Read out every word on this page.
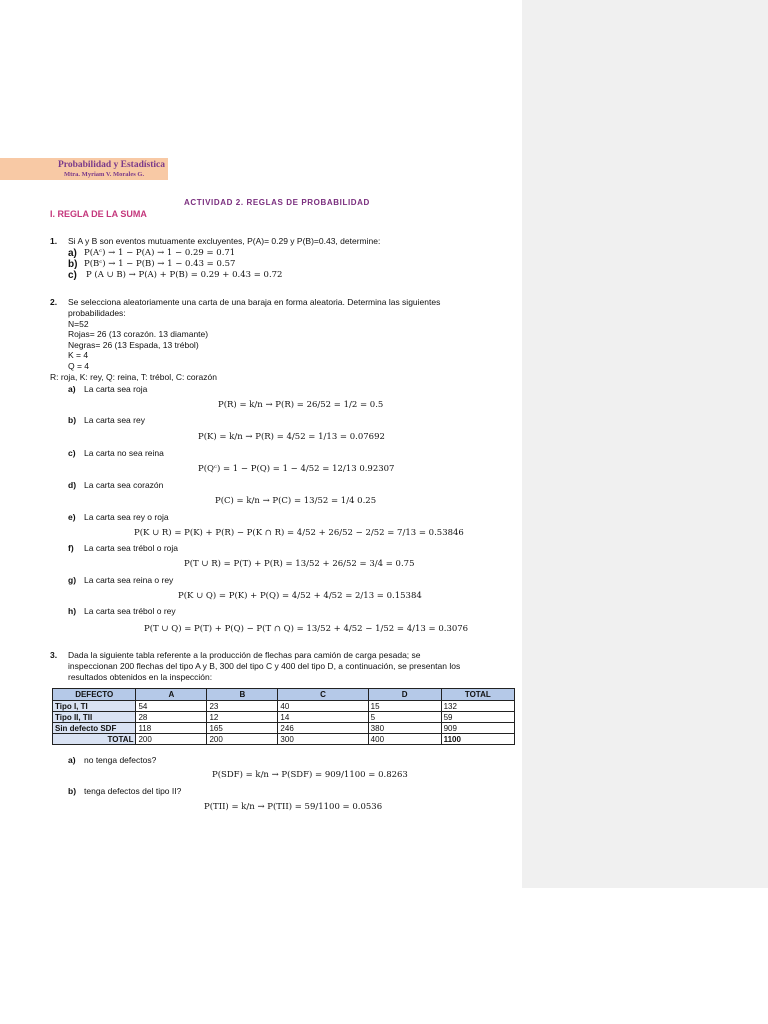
Probabilidad y Estadística
Mtra. Myriam V. Morales G.
ACTIVIDAD 2. REGLAS DE PROBABILIDAD
I. REGLA DE LA SUMA
1. Si A y B son eventos mutuamente excluyentes, P(A)= 0.29 y P(B)=0.43, determine:
a) P(Aᶜ) → 1 − P(A) → 1 − 0.29 = 0.71
b) P(Bᶜ) → 1 − P(B) → 1 − 0.43 = 0.57
c) P (A ∪ B) → P(A) + P(B) = 0.29 + 0.43 = 0.72
2. Se selecciona aleatoriamente una carta de una baraja en forma aleatoria. Determina las siguientes
probabilidades:
N=52
Rojas= 26 (13 corazón. 13 diamante)
Negras= 26 (13 Espada, 13 trébol)
K = 4
Q = 4
R: roja, K: rey, Q: reina, T: trébol, C: corazón
a) La carta sea roja
P(R) = k/n → P(R) = 26/52 = 1/2 = 0.5
b) La carta sea rey
P(K) = k/n → P(R) = 4/52 = 1/13 = 0.07692
c) La carta no sea reina
P(Qᶜ) = 1 − P(Q) = 1 − 4/52 = 12/13 0.92307
d) La carta sea corazón
P(C) = k/n → P(C) = 13/52 = 1/4 0.25
e) La carta sea rey o roja
P(K ∪ R) = P(K) + P(R) − P(K ∩ R) = 4/52 + 26/52 − 2/52 = 7/13 = 0.53846
f) La carta sea trébol o roja
P(T ∪ R) = P(T) + P(R) = 13/52 + 26/52 = 3/4 = 0.75
g) La carta sea reina o rey
P(K ∪ Q) = P(K) + P(Q) = 4/52 + 4/52 = 2/13 = 0.15384
h) La carta sea trébol o rey
P(T ∪ Q) = P(T) + P(Q) − P(T ∩ Q) = 13/52 + 4/52 − 1/52 = 4/13 = 0.3076
3. Dada la siguiente tabla referente a la producción de flechas para camión de carga pesada; se
inspeccionan 200 flechas del tipo A y B, 300 del tipo C y 400 del tipo D, a continuación, se presentan los
resultados obtenidos en la inspección:
DEFECTO	A	B	C	D	TOTAL
Tipo I, TI	54	23	40	15	132
Tipo II, TII	28	12	14	5	59
Sin defecto SDF	118	165	246	380	909
TOTAL	200	200	300	400	1100
a) no tenga defectos?
P(SDF) = k/n → P(SDF) = 909/1100 = 0.8263
b) tenga defectos del tipo II?
P(TII) = k/n → P(TII) = 59/1100 = 0.0536
